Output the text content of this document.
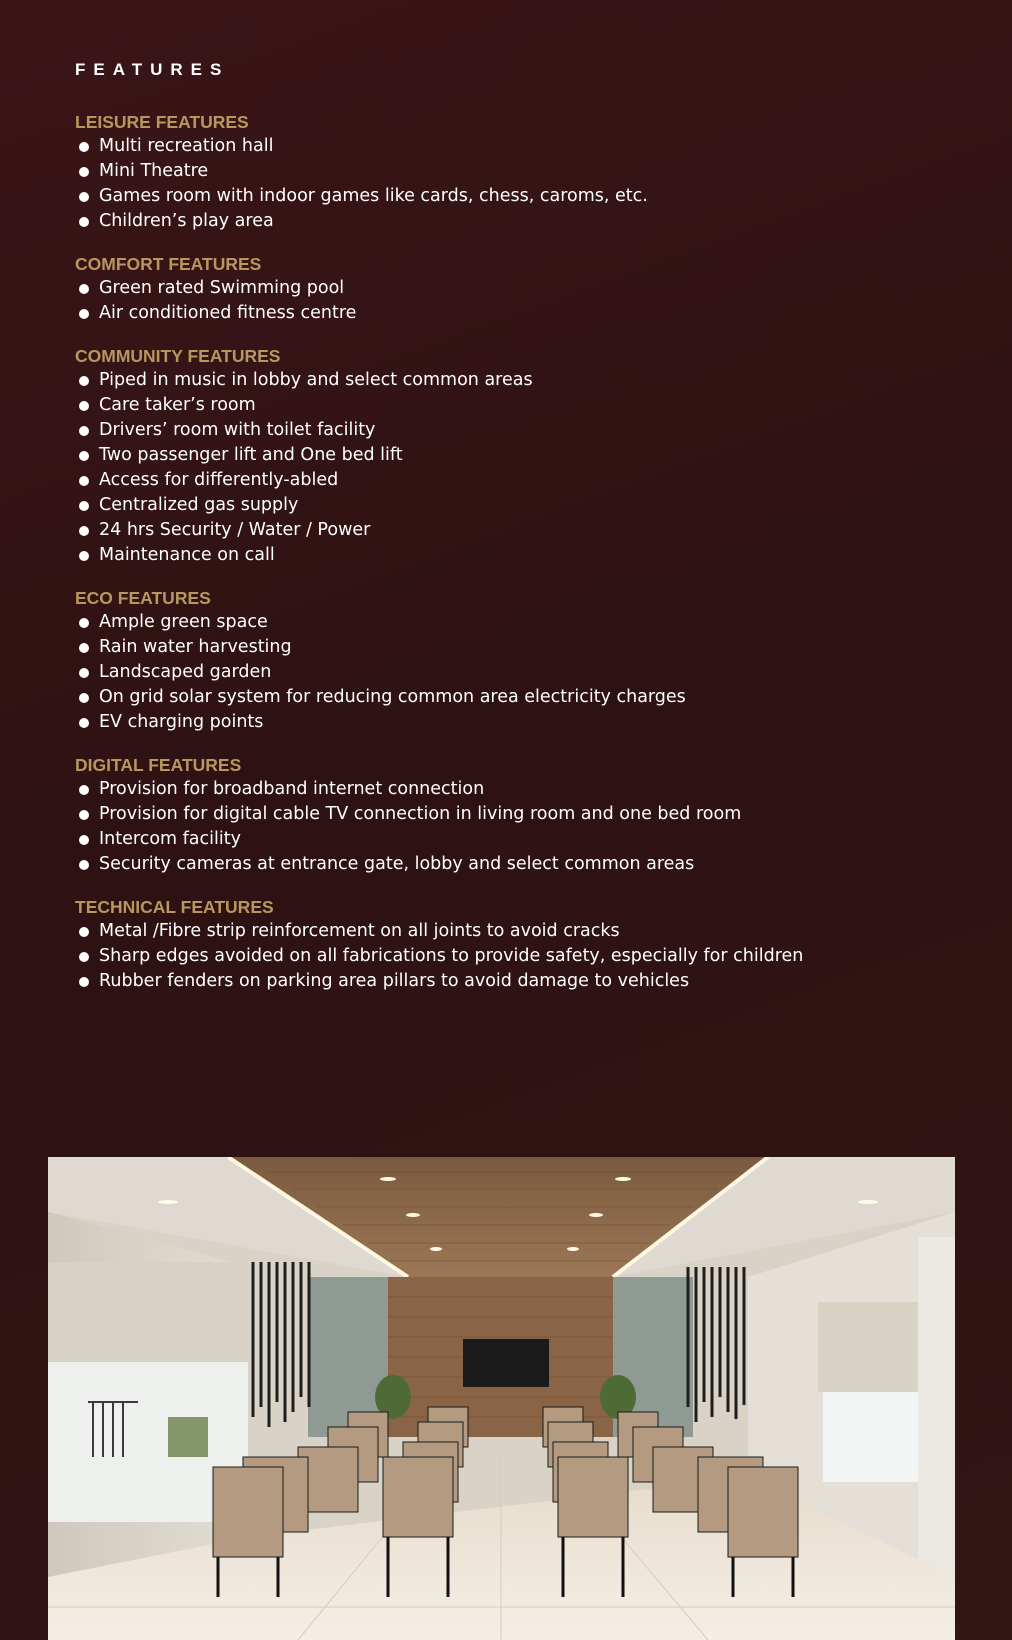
FEATURES
LEISURE FEATURES
Multi recreation hall
Mini Theatre
Games room with indoor games like cards, chess, caroms, etc.
Children’s play area
COMFORT FEATURES
Green rated Swimming pool
Air conditioned fitness centre
COMMUNITY FEATURES
Piped in music in lobby and select common areas
Care taker’s room
Drivers’ room with toilet facility
Two passenger lift and One bed lift
Access for differently-abled
Centralized gas supply
24 hrs Security / Water / Power
Maintenance on call
ECO FEATURES
Ample green space
Rain water harvesting
Landscaped garden
On grid solar system for reducing common area electricity charges
EV charging points
DIGITAL FEATURES
Provision for broadband internet connection
Provision for digital cable TV connection in living room and one bed room
Intercom facility
Security cameras at entrance gate, lobby and select common areas
TECHNICAL FEATURES
Metal /Fibre strip reinforcement on all joints to avoid cracks
Sharp edges avoided on all fabrications to provide safety, especially for children
Rubber fenders on parking area pillars to avoid damage to vehicles
